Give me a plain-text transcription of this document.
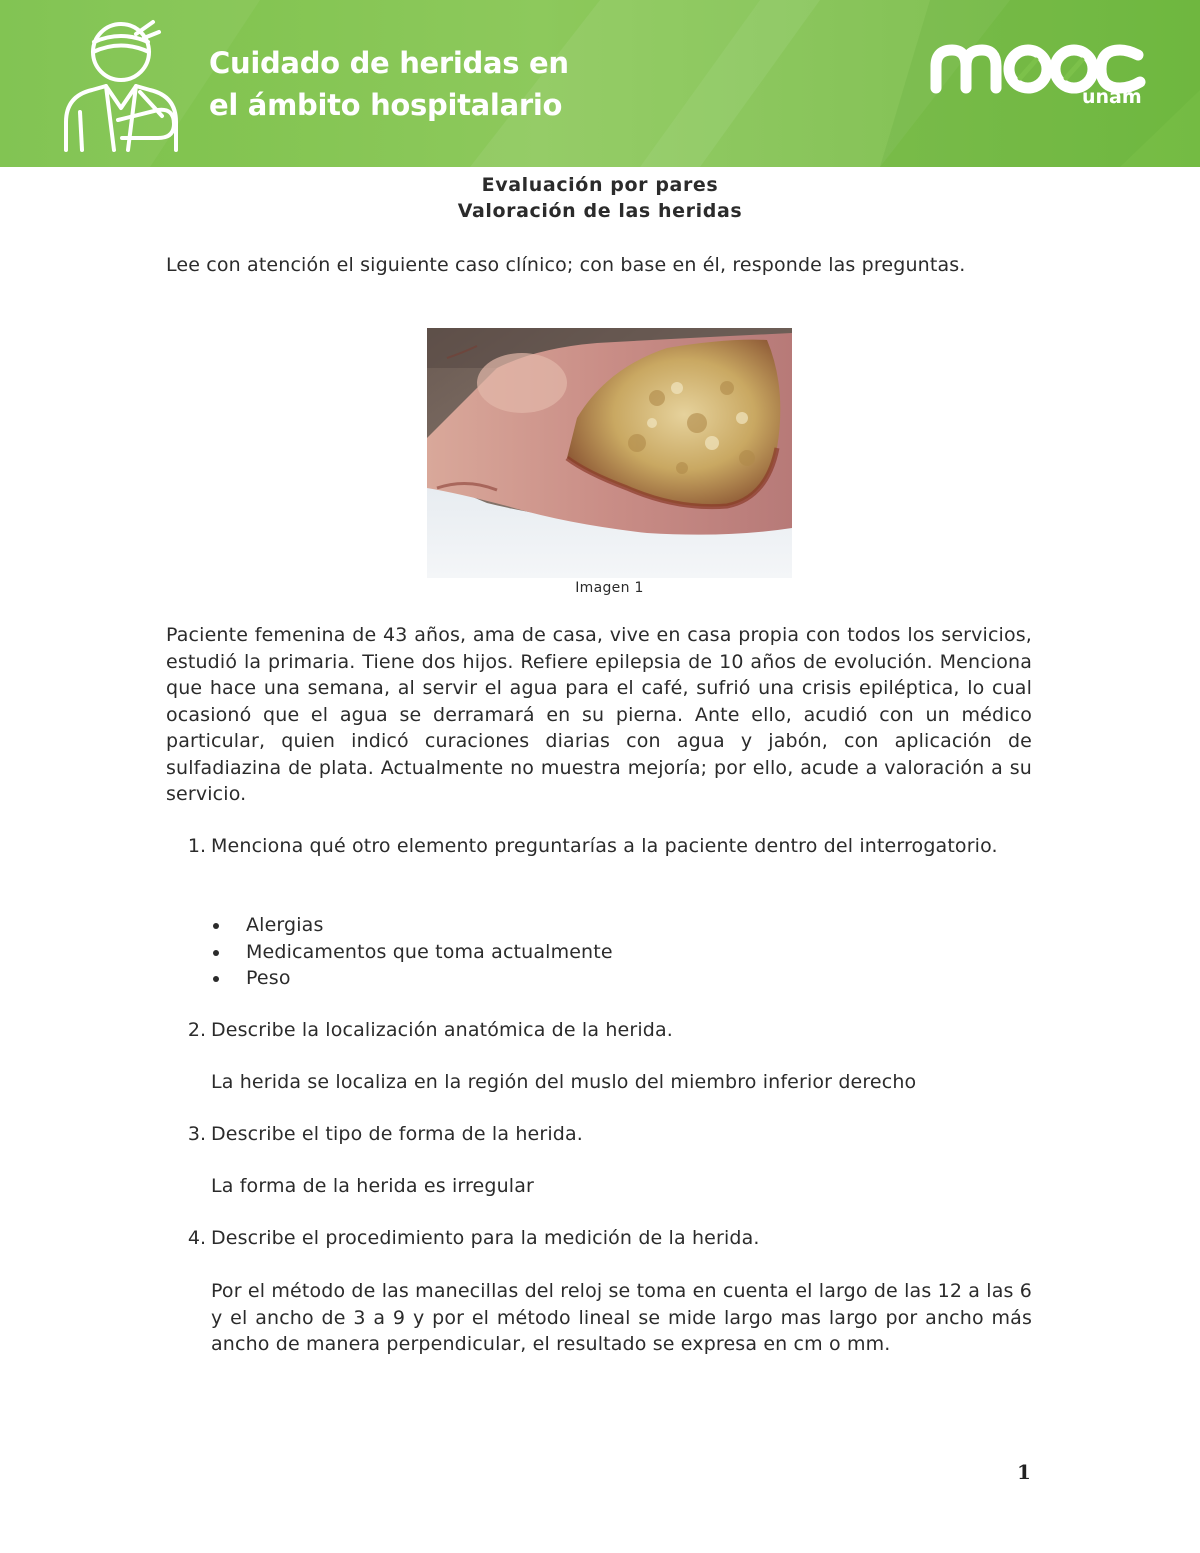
Cuidado de heridas en
el ámbito hospitalario	unam
Evaluación por pares
Valoración de las heridas

Lee con atención el siguiente caso clínico; con base en él, responde las preguntas.

Imagen 1

Paciente femenina de 43 años, ama de casa, vive en casa propia con todos los servicios, estudió la primaria. Tiene dos hijos. Refiere epilepsia de 10 años de evolución. Menciona que hace una semana, al servir el agua para el café, sufrió una crisis epiléptica, lo cual ocasionó que el agua se derramará en su pierna. Ante ello, acudió con un médico particular, quien indicó curaciones diarias con agua y jabón, con aplicación de sulfadiazina de plata. Actualmente no muestra mejoría; por ello, acude a valoración a su servicio.

1. Menciona qué otro elemento preguntarías a la paciente dentro del interrogatorio.

Alergias
Medicamentos que toma actualmente
Peso

2. Describe la localización anatómica de la herida.

La herida se localiza en la región del muslo del miembro inferior derecho

3. Describe el tipo de forma de la herida.

La forma de la herida es irregular

4. Describe el procedimiento para la medición de la herida.

Por el método de las manecillas del reloj se toma en cuenta el largo de las 12 a las 6 y el ancho de 3 a 9 y por el método lineal se mide largo mas largo por ancho más ancho de manera perpendicular, el resultado se expresa en cm o mm.

1
